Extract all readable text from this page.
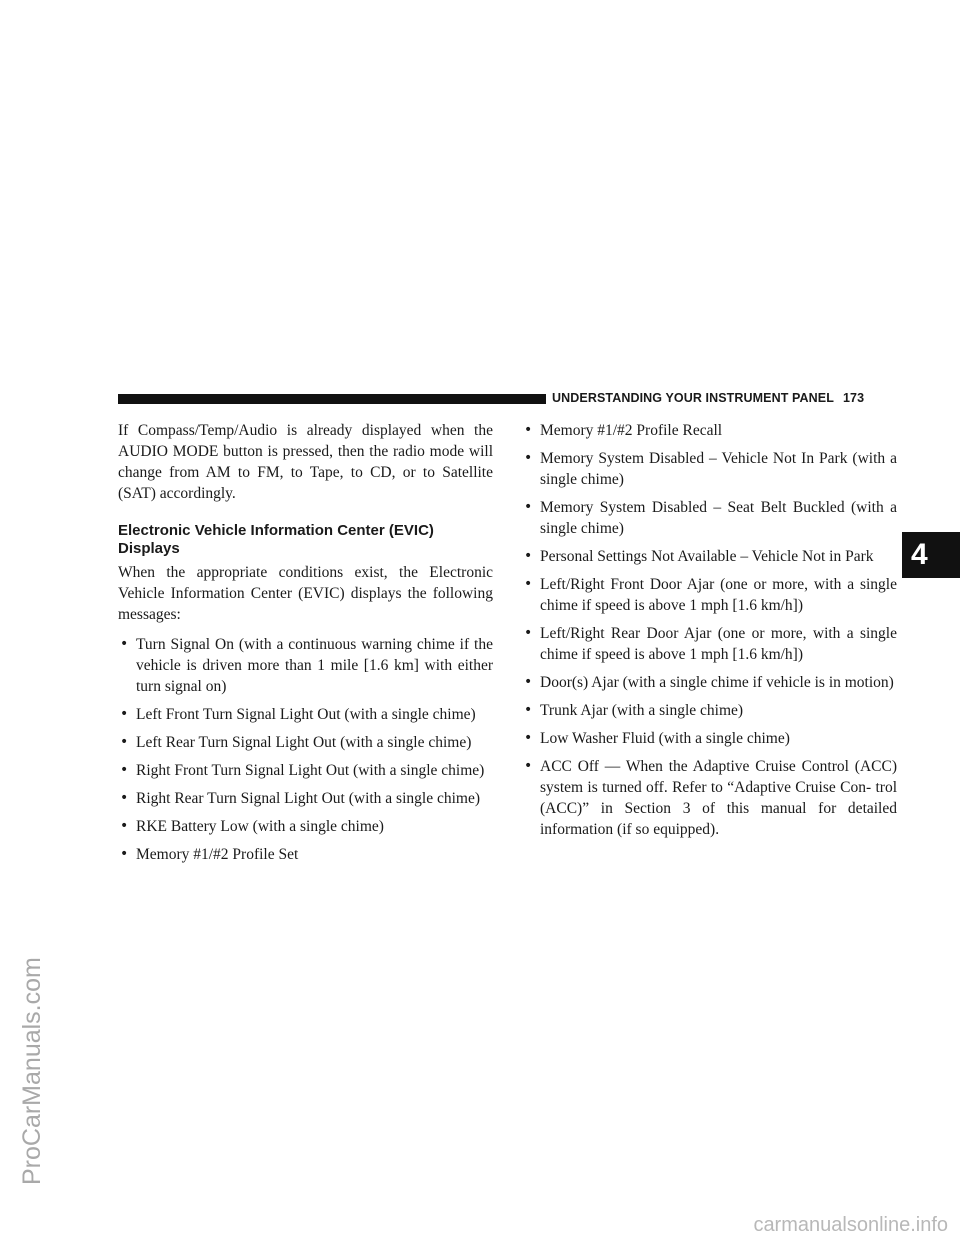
UNDERSTANDING YOUR INSTRUMENT PANEL 173

If Compass/Temp/Audio is already displayed when the AUDIO MODE button is pressed, then the radio mode will change from AM to FM, to Tape, to CD, or to Satellite (SAT) accordingly.

Electronic Vehicle Information Center (EVIC) Displays

When the appropriate conditions exist, the Electronic Vehicle Information Center (EVIC) displays the following messages:

• Turn Signal On (with a continuous warning chime if the vehicle is driven more than 1 mile [1.6 km] with either turn signal on)
• Left Front Turn Signal Light Out (with a single chime)
• Left Rear Turn Signal Light Out (with a single chime)
• Right Front Turn Signal Light Out (with a single chime)
• Right Rear Turn Signal Light Out (with a single chime)
• RKE Battery Low (with a single chime)
• Memory #1/#2 Profile Set
• Memory #1/#2 Profile Recall
• Memory System Disabled – Vehicle Not In Park (with a single chime)
• Memory System Disabled – Seat Belt Buckled (with a single chime)
• Personal Settings Not Available – Vehicle Not in Park
• Left/Right Front Door Ajar (one or more, with a single chime if speed is above 1 mph [1.6 km/h])
• Left/Right Rear Door Ajar (one or more, with a single chime if speed is above 1 mph [1.6 km/h])
• Door(s) Ajar (with a single chime if vehicle is in motion)
• Trunk Ajar (with a single chime)
• Low Washer Fluid (with a single chime)
• ACC Off — When the Adaptive Cruise Control (ACC) system is turned off. Refer to “Adaptive Cruise Con- trol (ACC)” in Section 3 of this manual for detailed information (if so equipped).
4
ProCarManuals.com
carmanualsonline.info
